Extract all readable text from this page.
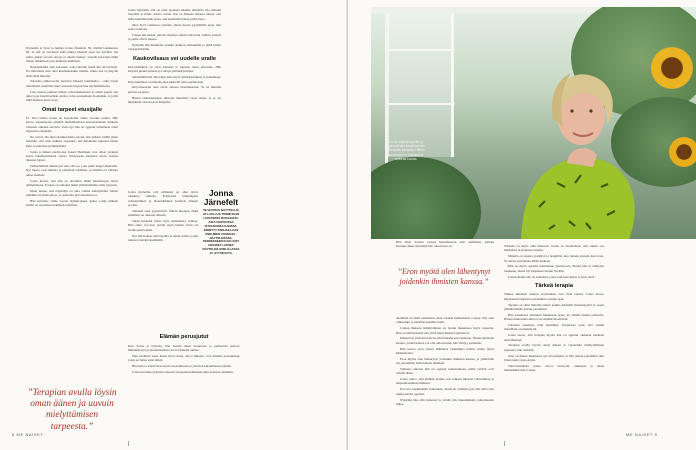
Nyttemin ja fyssi ja luulaja Jonna Järnefelt, 59, täyttää lokakuussa 60. Ja sitä on tarvinnut mitä tuntuu hänestä jaaat nyt hyvältä. On pitkä, pitkin vuosia sanoja ei oikein tiennyt, toiselle kasvanut mikä tehnyt alkamisen pois mainitus elämässä.

Naurahdettiin olen sanoneet, voin taiteilija mistä sitä oli löytänyt. En ilmoittaisi niin olisi kuuliaisenakin mitään, mutta sen ei paljolla ehtii tämä mietityt.

Toisaalta eläkevuodet tuntuvat hänestä kaukaisilta – eikä Jonna rehellisesti sanottuna usko koskaan luopuvansa näyttelemisestä.

Jaan kanssa parhaat hetket, tulevaisuuksiaan ja niistä paljon sen alkoi jopa moniin pitkin asioita, joita seuraamaan Koulutkin, ja joilla niitä muistaa uusia iloja.

Omat tarpeet etusijalle

Et. Sitä rauhaa Jonna on harjoitellut viime vuosina paljon. Hän kertoo kantaneensa pitkään maksimaalisen kokonaisuuden mukana vastuuta oikeista asioista. Vasta nyt hän on oppinut laittamaan omat tarpeensa etusijalle.

Ne voivat olla ihan yksinkertaisia asioita: että pääsen välillä yksin metsään, että saan nukkua tarpeeksi, että kuuntelen kehoani ennen kuin se pakottaa pysähtymään.

Jonna ja hänen puolisonsa Sakari Hanhinen ovat olleet yhdessä kohta kaksikymmentä vuotta. Perheeseen kuuluvat myös Jonnan aikuiset lapset.

Perheenäitinä minun piti aina olla se, joka pitää langat käsissään. Nyt lapset ovat aikuisia ja pärjäävät omillaan, ja minulla on vihdoin aikaa itselleni.

Jonna kertoo, että hän on tarvinnut tähän muutokseen myös ammattiapua. Terapia on auttanut häntä ymmärtämään omia rajojaan.

Moni luulee, että näyttelijä on aina valmis esiintymään. Mutta minäkin tarvitsen lepoa, ja opettelen yhä sanomaan ei.

Hän kuvailee viime vuosia myllerryksen ajaksi, jonka jälkeen elämä on asettunut uudelleen uomiinsa.

”Terapian avulla löysin oman äänen ja uuvuin mielyttämisen tarpeesta.”

Jonna myöntää, että on ollut ajoittain hänelle tärkeintä olla muiden tarpeiksi ja muita asioita varten. Itse on hänestä alkanut tuntua, että mitä enemmän hän antaa, sitä enemmän hänen pitää antaa.

Olen hyvä ottamaan vastuuta, mutta huono pyytämään apua, hän sanoo nauraen.

Joskus tuli hetkiä, jolloin väsymys tuntui valtavalta. Silloin ystävät ja perhe olivat tukena.

Nykyään hän kuuntelee itseään aiempaa tarkemmin ja pitää kiinni vapaapäivistään.

Kaukovilsaus vei uudelle uralle

Kirjoittaminen on ollut Jonnalle jo lapsena rakas harrastus. Hän kirjoitti pieniä tarinoita ja runoja päiväkirjoihinsa.

Aikuisiällä hän alkoi kirjoittaa myös käsikirjoituksia ja kolumneja. Kirjoittaminen on hänelle tapa käsitellä omia ajatuksiaan.

Kirjoittaessani olen aivan omassa maailmassani. Se on minulle parasta terapiaa.

Hänen esikoiskirjansa ilmestyi muutama vuosi sitten, ja se sai lämpimän vastaanoton lukijoilta.

Jonna myöntää, että elämässä on ollut myös rankkoja vaiheita. Erityisesti vanhempien sairastuminen ja menettäminen koskivat häneen syvästi.

Sellaiset asiat pysäyttävät. Silloin huomaa, mikä elämässä on oikeasti tärkeää.

Surun keskellä Jonna löysi uudenlaista voimaa. Hän alkoi arvostaa pieniä arjen hetkiä aivan eri tavalla kuin ennen.

Nyt hän haluaa elää täysillä ja tehdä asioita, jotka tuntuvat merkityksellisiltä.

Jonna Järnefelt
59-VUOTIAS NÄYTTELIJÄ JA LAULAJA TUNNETAAN LUKUISISTA ROOLEISTA. ASUU ESPOOSSA PUOLISONSA KANSSA. ESIINTYY PARHAILLAAN UNELMIEN VUOROJA -NÄYTELMÄSSÄ. PERHEESEEN KUULUVAT AIKUISET LAPSET. NÄYTELMÄ ENSI-ILLASSA 10. SYYSKUUTA.
Elämän perusjutut

Kun Jonna ei näyttele, hän viettää aikaa luonnossa ja perheensä parissa. Metsäkävelyt ja puutarhanhoito tuovat hänelle rauhaa.

Ihan tavalliset asiat, kuten hyvä ruoka, uni ja liikunta, ovat minulle perusjuttuja, joista en halua enää tinkiä.

Hän kertoo nauttivansa myös ruoanlaitosta ja ystävien kutsumisesta kylään.

Jonna kuvailee nykyistä arkeaan tasapainoisemmaksi kuin koskaan aiemmin.

8 ME NAISET
Jonna näyttää upealta ja hyvinvoivalta kasvihuoneen vihreyden keskellä. Hänen asussaan on leikkisää ja rohkeaa kuosia.
”Eron myötä olen lähentynyt joidenkin ihmisten kanssa.”

Hän tilasi Jonnan rooleja katsellessaan aina uudelleen, kuinka monipuolinen näyttelijä hän oikeastaan on.

Aiemmin en ehkä uskaltanut ottaa vastaan kaikenlaisia rooleja. Nyt olen rohkeampi ja uskallan kokeilla uutta.

Jonnan mukaan ikääntyminen on tuonut mukanaan myös vapautta. Hän ei enää murehdi sitä, mitä muut hänestä ajattelevat.

Perheen ja ystävien tuki on ollut hänelle korvaamaton. Niiden ihmisten kanssa, joiden kanssa voi olla oma itsensä, hän viihtyy parhaiten.

Hän kertoo eron olleen elämänsä vaikeimpia hetkiä, mutta myös käännekohta.

Eron myötä olen lähentynyt joidenkin ihmisten kanssa, ja ymmärrän nyt paremmin, keitä haluan lähelleni.

Vaikeina aikoina hän on oppinut tunnistamaan, ketkä ystävät ovat todella läsnä.

Jonna uskoo, että elämän kolhut ovat tehneet hänestä vahvemman ja empaattisemman ihmisen.

En toivo kenellekään vaikeuksia, mutta en vaihtaisi pois sitä, mitä olen niiden kautta oppinut.

Nykyään hän elää hetkessä ja yrittää olla murehtimatta tulevaisuutta liikaa.

Tärkeää on myös elää hetkessä. Jonna on huomannut, että suurin osa murheista ei koskaan toteudu.

Minulla on tapana pysähtyä ja hengittää, kun tunnen stressin kasvavan. Se auttaa palaamaan tähän hetkeen.

Hän on myös oppinut nauttimaan yksinolosta. Ennen hän ei viihtynyt itsekseen, mutta nyt hiljaisuus tuntuu hyvältä.

Joskus ihanin ilta on sellainen, jossa vain luen kirjaa ja juon teetä.

Tärkeä terapia

Vaikka aikuisten naisten saavutukset ovat vielä edessä, Jonna kertoo käyneensä terapiassa useamman vuoden ajan.

Terapia on ollut minulle tärkeä paikka käsitellä menneisyyttä ja oppia ymmärtämään itseäni paremmin.

Hän kannustaa muitakin hakemaan apua, jos elämä tuntuu raskaalta. Hänen mielestään siinä ei ole mitään hävettävää.

Jokainen ansaitsee tulla kuulluksi. Terapiassa opin, että omilla tunteillani on merkitystä.

Jonna sanoo, että terapian myötä hän on oppinut olemaan itselleen armollisempi.

Terapian avulla löysin oman ääneni ja vapauduin miellyttämisen tarpeesta, hän tiivistää.

Arki on hänen mukaansa nyt kevyempää, ja hän jaksaa paremmin niin töissä kuin vapaa-ajalla.

Tulevaisuudelta Jonna toivoo terveyttä, rakkautta ja uusia mielenkiintoisia rooleja.

ME NAISET 9
